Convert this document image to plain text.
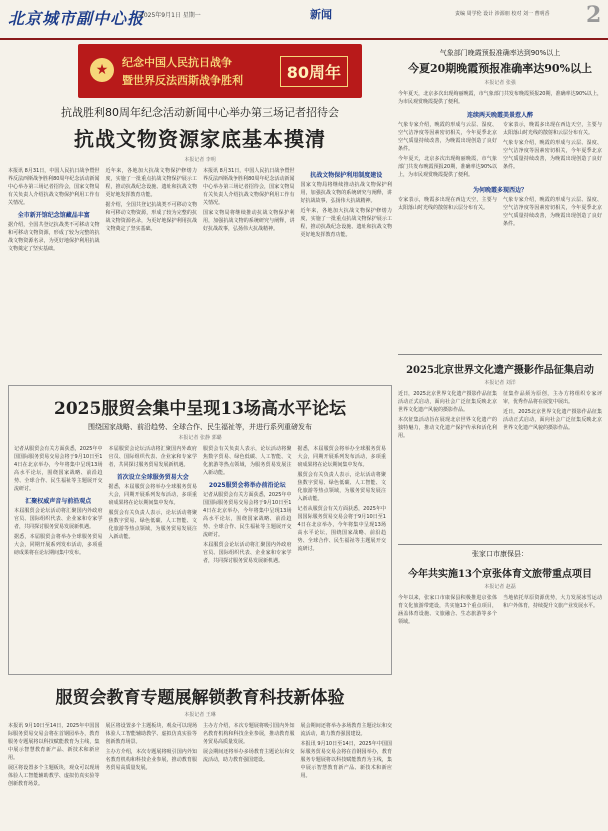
北京城市副中心报
2025年9月1日 星期一	新闻	责编 周学伦 设计 涉源朋 校对 刘一 曹明香	2
★	纪念中国人民抗日战争
暨世界反法西斯战争胜利	80周年
抗战胜利80周年纪念活动新闻中心举办第三场记者招待会
抗战文物资源家底基本摸清
本报记者 李明

本报讯 8月31日，中国人民抗日战争暨世界反法西斯战争胜利80周年纪念活动新闻中心举办第三场记者招待会，国家文物局有关负责人介绍抗战文物保护利用工作有关情况。

全市新开馆纪念馆藏品丰富

据介绍，全国共登记抗战类不可移动文物和可移动文物资源，形成了较为完整的抗战文物资源名录，为更好地保护利用抗战文物奠定了坚实基础。

近年来，各地加大抗战文物保护修缮力度，实施了一批重点抗战文物保护展示工程，推动抗战纪念设施、遗址和抗战文物更好地发挥教育功能。

据介绍，全国共登记抗战类不可移动文物和可移动文物资源，形成了较为完整的抗战文物资源名录，为更好地保护利用抗战文物奠定了坚实基础。

本报讯 8月31日，中国人民抗日战争暨世界反法西斯战争胜利80周年纪念活动新闻中心举办第三场记者招待会，国家文物局有关负责人介绍抗战文物保护利用工作有关情况。

国家文物局将继续推动抗战文物保护利用，加强抗战文物的系统研究与阐释，讲好抗战故事，弘扬伟大抗战精神。

抗战文物保护利用制度建设

国家文物局将继续推动抗战文物保护利用，加强抗战文物的系统研究与阐释，讲好抗战故事，弘扬伟大抗战精神。

近年来，各地加大抗战文物保护修缮力度，实施了一批重点抗战文物保护展示工程，推动抗战纪念设施、遗址和抗战文物更好地发挥教育功能。

2025服贸会集中呈现13场高水平论坛
围绕国家战略、前沿趋势、全球合作、民生福祉等，并进行系列重磅发布
本报记者 张静 郭璐

记者从服贸会有关方面获悉，2025年中国国际服务贸易交易会将于9月10日至14日在北京举办，今年将集中呈现13场高水平论坛，围绕国家战略、前沿趋势、全球合作、民生福祉等主题展开交流研讨。

汇聚权威声音与前沿观点

本届服贸会论坛活动将汇聚国内外政府官员、国际组织代表、企业家和专家学者，共同探讨服务贸易发展新机遇。

据悉，本届服贸会将举办全球服务贸易大会，同期开展系列发布活动，多项重磅成果将在论坛期间集中发布。

本届服贸会论坛活动将汇聚国内外政府官员、国际组织代表、企业家和专家学者，共同探讨服务贸易发展新机遇。

首次设立全球服务贸易大会

据悉，本届服贸会将举办全球服务贸易大会，同期开展系列发布活动，多项重磅成果将在论坛期间集中发布。

服贸会有关负责人表示，论坛活动将聚焦数字贸易、绿色低碳、人工智能、文化旅游等热点领域，为服务贸易发展注入新动能。

服贸会有关负责人表示，论坛活动将聚焦数字贸易、绿色低碳、人工智能、文化旅游等热点领域，为服务贸易发展注入新动能。

2025服贸会将举办前沿论坛

记者从服贸会有关方面获悉，2025年中国国际服务贸易交易会将于9月10日至14日在北京举办，今年将集中呈现13场高水平论坛，围绕国家战略、前沿趋势、全球合作、民生福祉等主题展开交流研讨。

本届服贸会论坛活动将汇聚国内外政府官员、国际组织代表、企业家和专家学者，共同探讨服务贸易发展新机遇。

据悉，本届服贸会将举办全球服务贸易大会，同期开展系列发布活动，多项重磅成果将在论坛期间集中发布。

服贸会有关负责人表示，论坛活动将聚焦数字贸易、绿色低碳、人工智能、文化旅游等热点领域，为服务贸易发展注入新动能。

记者从服贸会有关方面获悉，2025年中国国际服务贸易交易会将于9月10日至14日在北京举办，今年将集中呈现13场高水平论坛，围绕国家战略、前沿趋势、全球合作、民生福祉等主题展开交流研讨。

服贸会教育专题展解锁教育科技新体验
本报记者 王琳

本报讯 9月10日至14日，2025年中国国际服务贸易交易会将在首钢园举办，教育服务专题展将以科技赋能教育为主线，集中展示智慧教育新产品、新技术和新应用。

展区将设置多个主题板块，观众可以现场体验人工智能辅助教学、虚拟仿真实验等创新教育场景。

展区将设置多个主题板块，观众可以现场体验人工智能辅助教学、虚拟仿真实验等创新教育场景。

主办方介绍，本次专题展将吸引国内外知名教育机构和科技企业参展，推动教育服务贸易高质量发展。

主办方介绍，本次专题展将吸引国内外知名教育机构和科技企业参展，推动教育服务贸易高质量发展。

展会期间还将举办多场教育主题论坛和交流活动，助力教育强国建设。

展会期间还将举办多场教育主题论坛和交流活动，助力教育强国建设。

本报讯 9月10日至14日，2025年中国国际服务贸易交易会将在首钢园举办，教育服务专题展将以科技赋能教育为主线，集中展示智慧教育新产品、新技术和新应用。

气象部门晚霞预报准确率达到90%以上
今夏20期晚霞预报准确率达90%以上
本报记者 张强

今年夏天，北京多次出现绚丽晚霞，市气象部门共发布晚霞预报20期，准确率达90%以上，为市民观赏晚霞提供了便利。

连续两天晚霞美景惹人醉

气象专家介绍，晚霞的形成与云层、湿度、空气洁净度等因素密切相关，今年夏季北京空气质量持续改善，为晚霞出现创造了良好条件。

今年夏天，北京多次出现绚丽晚霞，市气象部门共发布晚霞预报20期，准确率达90%以上，为市民观赏晚霞提供了便利。

专家表示，晚霞多出现在西边天空，主要与太阳落山时光线的散射和云层分布有关。

气象专家介绍，晚霞的形成与云层、湿度、空气洁净度等因素密切相关，今年夏季北京空气质量持续改善，为晚霞出现创造了良好条件。

为何晚霞多现西边？

专家表示，晚霞多出现在西边天空，主要与太阳落山时光线的散射和云层分布有关。

气象专家介绍，晚霞的形成与云层、湿度、空气洁净度等因素密切相关，今年夏季北京空气质量持续改善，为晚霞出现创造了良好条件。

2025北京世界文化遗产摄影作品征集启动
本报记者 刘洋

近日，2025北京世界文化遗产摄影作品征集活动正式启动，面向社会广泛征集反映北京世界文化遗产风貌的摄影作品。

本次征集活动旨在展现北京世界文化遗产的独特魅力，推动文化遗产保护传承和活化利用。

征集作品须为原创，主办方将组织专家评审，优秀作品将在展览中展出。

近日，2025北京世界文化遗产摄影作品征集活动正式启动，面向社会广泛征集反映北京世界文化遗产风貌的摄影作品。

张家口市康保县：
今年共实施13个京张体育文旅带重点项目
本报记者 赵磊

今年以来，张家口市康保县积极推进京张体育文化旅游带建设，共实施13个重点项目，涵盖体育设施、文旅融合、生态旅游等多个领域。

当地依托草原资源优势，大力发展冰雪运动和户外体育，持续提升文旅产业发展水平。
